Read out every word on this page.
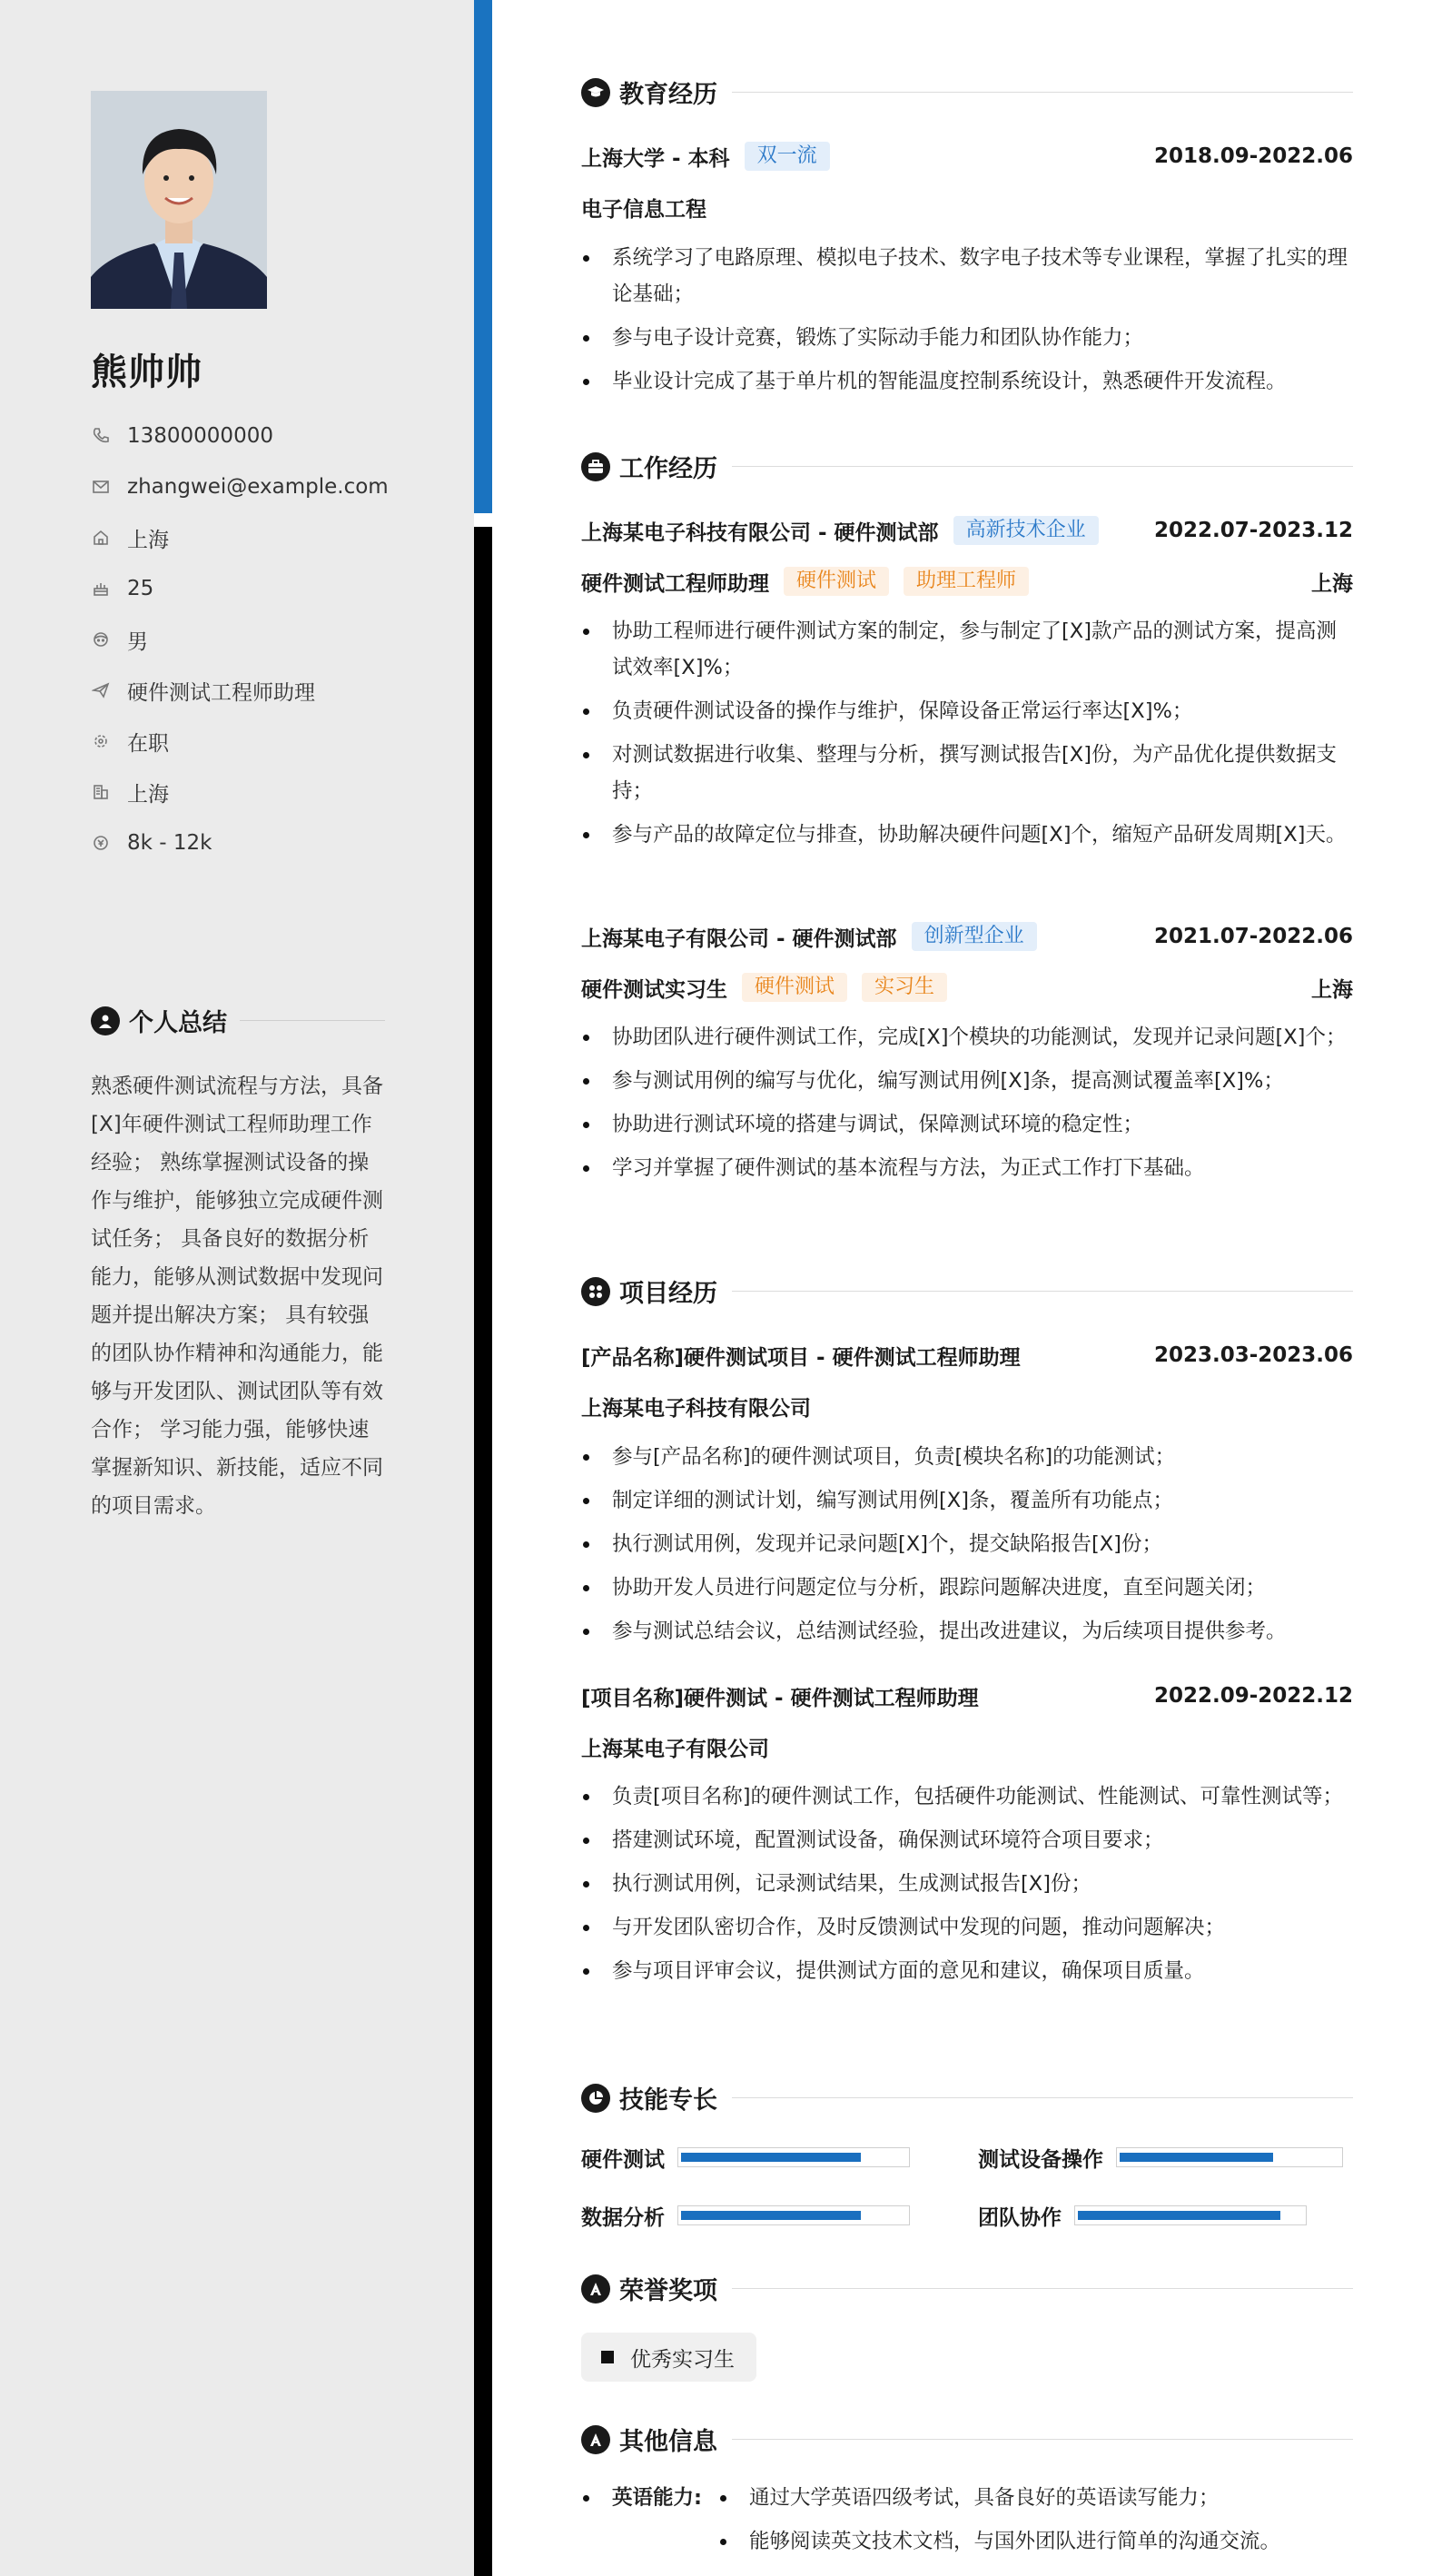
熊帅帅
13800000000
zhangwei@example.com
上海
25
男
硬件测试工程师助理
在职
上海
8k - 12k
个人总结
熟悉硬件测试流程与方法，具备[X]年硬件测试工程师助理工作经验； 熟练掌握测试设备的操作与维护，能够独立完成硬件测试任务； 具备良好的数据分析能力，能够从测试数据中发现问题并提出解决方案； 具有较强的团队协作精神和沟通能力，能够与开发团队、测试团队等有效合作； 学习能力强，能够快速掌握新知识、新技能，适应不同的项目需求。
教育经历
上海大学 - 本科	双一流	2018.09-2022.06
电子信息工程
系统学习了电路原理、模拟电子技术、数字电子技术等专业课程，掌握了扎实的理论基础；
参与电子设计竞赛，锻炼了实际动手能力和团队协作能力；
毕业设计完成了基于单片机的智能温度控制系统设计，熟悉硬件开发流程。
工作经历
上海某电子科技有限公司 - 硬件测试部	高新技术企业	2022.07-2023.12
硬件测试工程师助理	硬件测试	助理工程师	上海
协助工程师进行硬件测试方案的制定，参与制定了[X]款产品的测试方案，提高测试效率[X]%；
负责硬件测试设备的操作与维护，保障设备正常运行率达[X]%；
对测试数据进行收集、整理与分析，撰写测试报告[X]份，为产品优化提供数据支持；
参与产品的故障定位与排查，协助解决硬件问题[X]个，缩短产品研发周期[X]天。
上海某电子有限公司 - 硬件测试部	创新型企业	2021.07-2022.06
硬件测试实习生	硬件测试	实习生	上海
协助团队进行硬件测试工作，完成[X]个模块的功能测试，发现并记录问题[X]个；
参与测试用例的编写与优化，编写测试用例[X]条，提高测试覆盖率[X]%；
协助进行测试环境的搭建与调试，保障测试环境的稳定性；
学习并掌握了硬件测试的基本流程与方法，为正式工作打下基础。
项目经历
[产品名称]硬件测试项目 - 硬件测试工程师助理	2023.03-2023.06
上海某电子科技有限公司
参与[产品名称]的硬件测试项目，负责[模块名称]的功能测试；
制定详细的测试计划，编写测试用例[X]条，覆盖所有功能点；
执行测试用例，发现并记录问题[X]个，提交缺陷报告[X]份；
协助开发人员进行问题定位与分析，跟踪问题解决进度，直至问题关闭；
参与测试总结会议，总结测试经验，提出改进建议，为后续项目提供参考。
[项目名称]硬件测试 - 硬件测试工程师助理	2022.09-2022.12
上海某电子有限公司
负责[项目名称]的硬件测试工作，包括硬件功能测试、性能测试、可靠性测试等；
搭建测试环境，配置测试设备，确保测试环境符合项目要求；
执行测试用例，记录测试结果，生成测试报告[X]份；
与开发团队密切合作，及时反馈测试中发现的问题，推动问题解决；
参与项目评审会议，提供测试方面的意见和建议，确保项目质量。
技能专长
硬件测试	测试设备操作
数据分析	团队协作
荣誉奖项
优秀实习生
其他信息
英语能力: 通过大学英语四级考试，具备良好的英语读写能力；
能够阅读英文技术文档，与国外团队进行简单的沟通交流。
